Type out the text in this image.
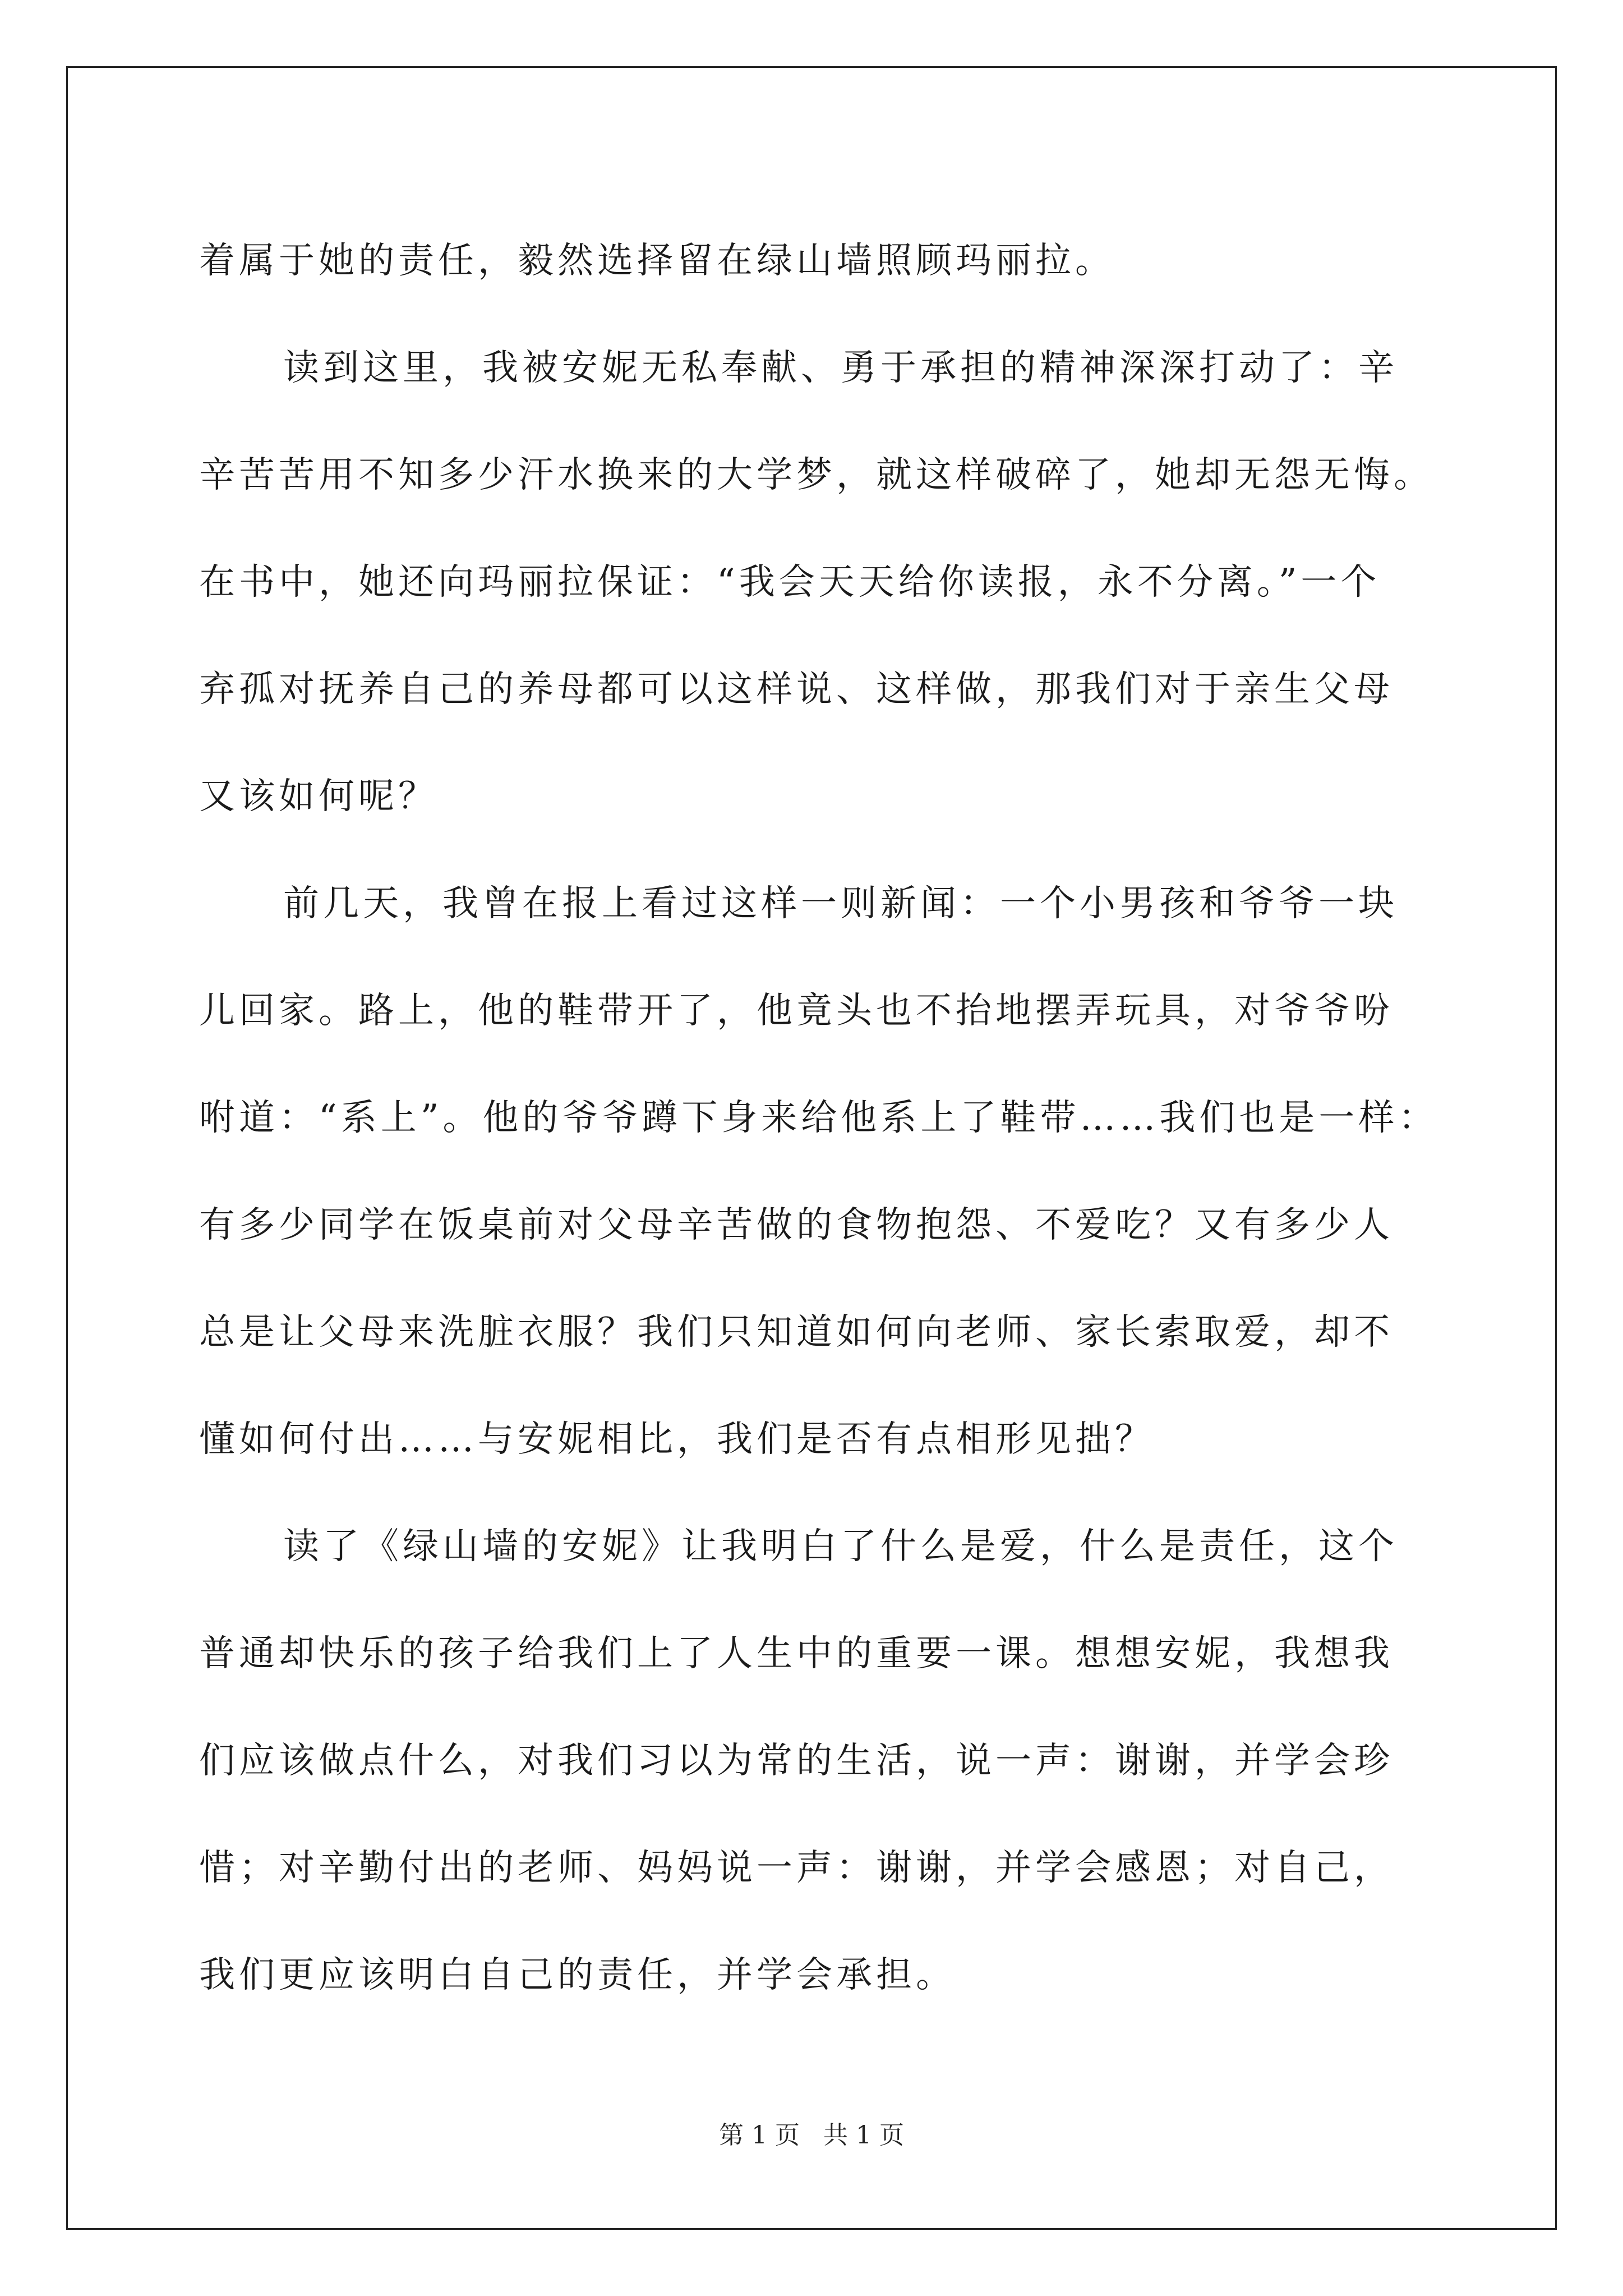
着属于她的责任，毅然选择留在绿山墙照顾玛丽拉。
读到这里，我被安妮无私奉献、勇于承担的精神深深打动了：辛
辛苦苦用不知多少汗水换来的大学梦，就这样破碎了，她却无怨无悔。
在书中，她还向玛丽拉保证：“我会天天给你读报，永不分离。”一个
弃孤对抚养自己的养母都可以这样说、这样做，那我们对于亲生父母
又该如何呢？
前几天，我曾在报上看过这样一则新闻：一个小男孩和爷爷一块
儿回家。路上，他的鞋带开了，他竟头也不抬地摆弄玩具，对爷爷吩
咐道：“系上”。他的爷爷蹲下身来给他系上了鞋带……我们也是一样：
有多少同学在饭桌前对父母辛苦做的食物抱怨、不爱吃？又有多少人
总是让父母来洗脏衣服？我们只知道如何向老师、家长索取爱，却不
懂如何付出……与安妮相比，我们是否有点相形见拙？
读了《绿山墙的安妮》让我明白了什么是爱，什么是责任，这个
普通却快乐的孩子给我们上了人生中的重要一课。想想安妮，我想我
们应该做点什么，对我们习以为常的生活，说一声：谢谢，并学会珍
惜；对辛勤付出的老师、妈妈说一声：谢谢，并学会感恩；对自己，
我们更应该明白自己的责任，并学会承担。
第 1 页 共 1 页
